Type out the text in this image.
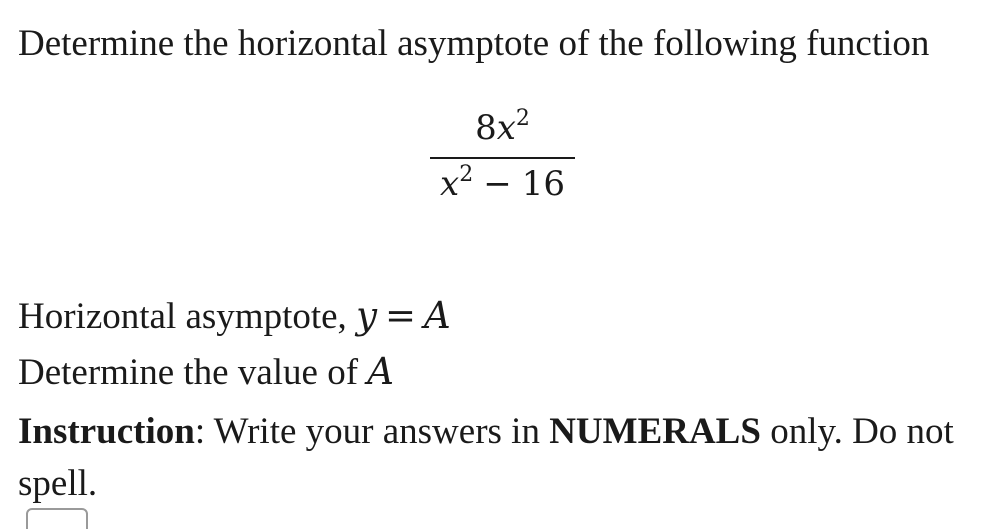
Determine the horizontal asymptote of the following function

$8x^2$
$x^2 - 16$

Horizontal asymptote, y = A

Determine the value of A

Instruction: Write your answers in NUMERALS only. Do not spell.
